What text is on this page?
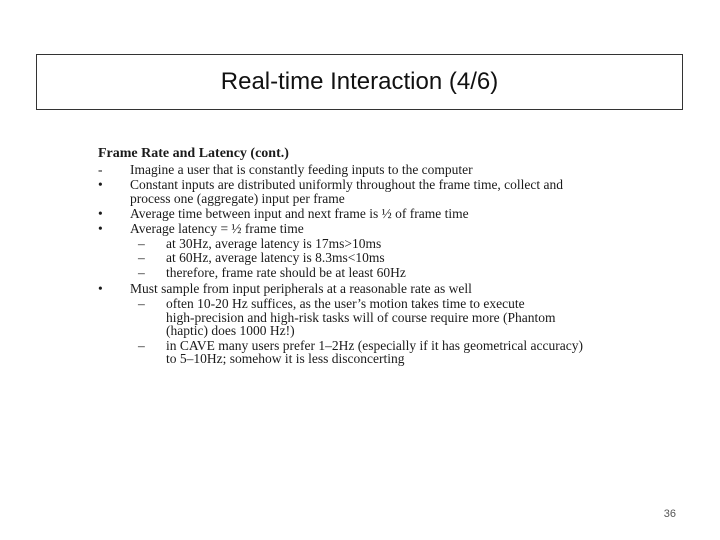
Real-time Interaction (4/6)
Frame Rate and Latency (cont.)
-	Imagine a user that is constantly feeding inputs to the computer
•	Constant inputs are distributed uniformly throughout the frame time, collect and process one (aggregate) input per frame
•	Average time between input and next frame is ½ of frame time
•	Average latency = ½ frame time
–	at 30Hz, average latency is 17ms>10ms
–	at 60Hz, average latency is 8.3ms<10ms
–	therefore, frame rate should be at least 60Hz
•	Must sample from input peripherals at a reasonable rate as well
–	often 10-20 Hz suffices, as the user’s motion takes time to execute
high-precision and high-risk tasks will of course require more (Phantom (haptic) does 1000 Hz!)
–	in CAVE many users prefer 1–2Hz (especially if it has geometrical accuracy) to 5–10Hz; somehow it is less disconcerting
36
